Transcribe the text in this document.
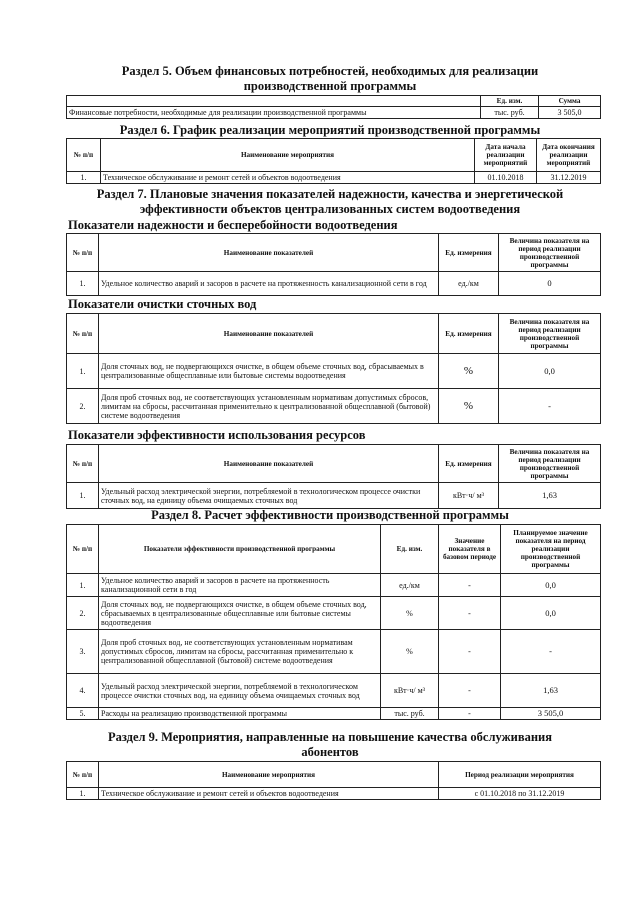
Раздел 5. Объем финансовых потребностей, необходимых для реализации
производственной программы
	Ед. изм.	Сумма
Финансовые потребности, необходимые для реализации производственной программы	тыс. руб.	3 505,0
Раздел 6. График реализации мероприятий производственной программы
№ п/п	Наименование мероприятия	Дата начала реализации мероприятий	Дата окончания реализации мероприятий
1.	Техническое обслуживание и ремонт сетей и объектов водоотведения	01.10.2018	31.12.2019
Раздел 7. Плановые значения показателей надежности, качества и энергетической
эффективности объектов централизованных систем водоотведения
Показатели надежности и бесперебойности водоотведения
№ п/п	Наименование показателей	Ед. измерения	Величина показателя на период реализации производственной программы
1.	Удельное количество аварий и засоров в расчете на протяженность канализационной сети в год	ед./км	0
Показатели очистки сточных вод
№ п/п	Наименование показателей	Ед. измерения	Величина показателя на период реализации производственной программы
1.	Доля сточных вод, не подвергающихся очистке, в общем объеме сточных вод, сбрасываемых в централизованные общесплавные или бытовые системы водоотведения	%	0,0
2.	Доля проб сточных вод, не соответствующих установленным нормативам допустимых сбросов, лимитам на сбросы, рассчитанная применительно к централизованной общесплавной (бытовой) системе водоотведения	%	-
Показатели эффективности использования ресурсов
№ п/п	Наименование показателей	Ед. измерения	Величина показателя на период реализации производственной программы
1.	Удельный расход электрической энергии, потребляемой в технологическом процессе очистки сточных вод, на единицу объема очищаемых сточных вод	кВт·ч/ м³	1,63
Раздел 8. Расчет эффективности производственной программы
№ п/п	Показатели эффективности производственной программы	Ед. изм.	Значение показателя в базовом периоде	Планируемое значение показателя на период реализации производственной программы
1.	Удельное количество аварий и засоров в расчете на протяженность канализационной сети в год	ед./км	-	0,0
2.	Доля сточных вод, не подвергающихся очистке, в общем объеме сточных вод, сбрасываемых в централизованные общесплавные или бытовые системы водоотведения	%	-	0,0
3.	Доля проб сточных вод, не соответствующих установленным нормативам допустимых сбросов, лимитам на сбросы, рассчитанная применительно к централизованной общесплавной (бытовой) системе водоотведения	%	-	-
4.	Удельный расход электрической энергии, потребляемой в технологическом процессе очистки сточных вод, на единицу объема очищаемых сточных вод	кВт·ч/ м³	-	1,63
5.	Расходы на реализацию производственной программы	тыс. руб.	-	3 505,0
Раздел 9. Мероприятия, направленные на повышение качества обслуживания
абонентов
№ п/п	Наименование мероприятия	Период реализации мероприятия
1.	Техническое обслуживание и ремонт сетей и объектов водоотведения	с 01.10.2018 по 31.12.2019
